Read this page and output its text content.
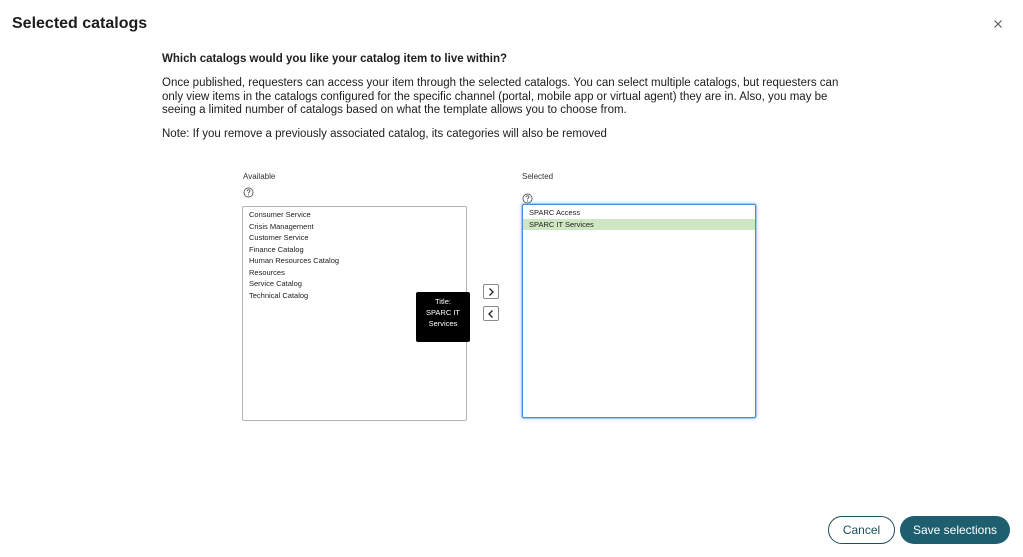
Selected catalogs
Which catalogs would you like your catalog item to live within?
Once published, requesters can access your item through the selected catalogs. You can select multiple catalogs, but requesters can only view items in the catalogs configured for the specific channel (portal, mobile app or virtual agent) they are in. Also, you may be seeing a limited number of catalogs based on what the template allows you to choose from.
Note: If you remove a previously associated catalog, its categories will also be removed
Available
Consumer Service
Crisis Management
Customer Service
Finance Catalog
Human Resources Catalog
Resources
Service Catalog
Technical Catalog
Selected
SPARC Access
SPARC IT Services
Title:
SPARC IT
Services
Cancel	Save selections
